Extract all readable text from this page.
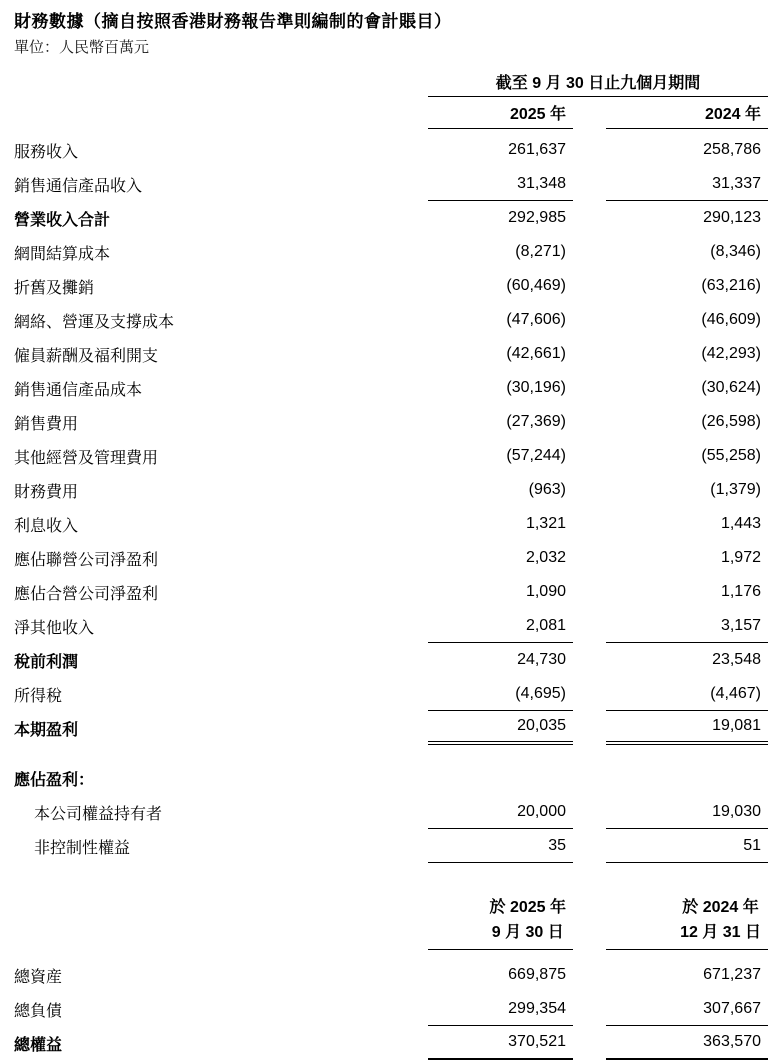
財務數據（摘自按照香港財務報告準則編制的會計賬目）
單位：人民幣百萬元
截至 9 月 30 日止九個月期間
2025 年	2024 年
服務收入	261,637	258,786
銷售通信產品收入	31,348	31,337
營業收入合計	292,985	290,123
網間結算成本	(8,271)	(8,346)
折舊及攤銷	(60,469)	(63,216)
網絡、營運及支撐成本	(47,606)	(46,609)
僱員薪酬及福利開支	(42,661)	(42,293)
銷售通信產品成本	(30,196)	(30,624)
銷售費用	(27,369)	(26,598)
其他經營及管理費用	(57,244)	(55,258)
財務費用	(963)	(1,379)
利息收入	1,321	1,443
應佔聯營公司淨盈利	2,032	1,972
應佔合營公司淨盈利	1,090	1,176
淨其他收入	2,081	3,157
稅前利潤	24,730	23,548
所得稅	(4,695)	(4,467)
本期盈利	20,035	19,081
應佔盈利：
本公司權益持有者	20,000	19,030
非控制性權益	35	51
於 2025 年
9 月 30 日
於 2024 年
12 月 31 日
總資産	669,875	671,237
總負債	299,354	307,667
總權益	370,521	363,570
